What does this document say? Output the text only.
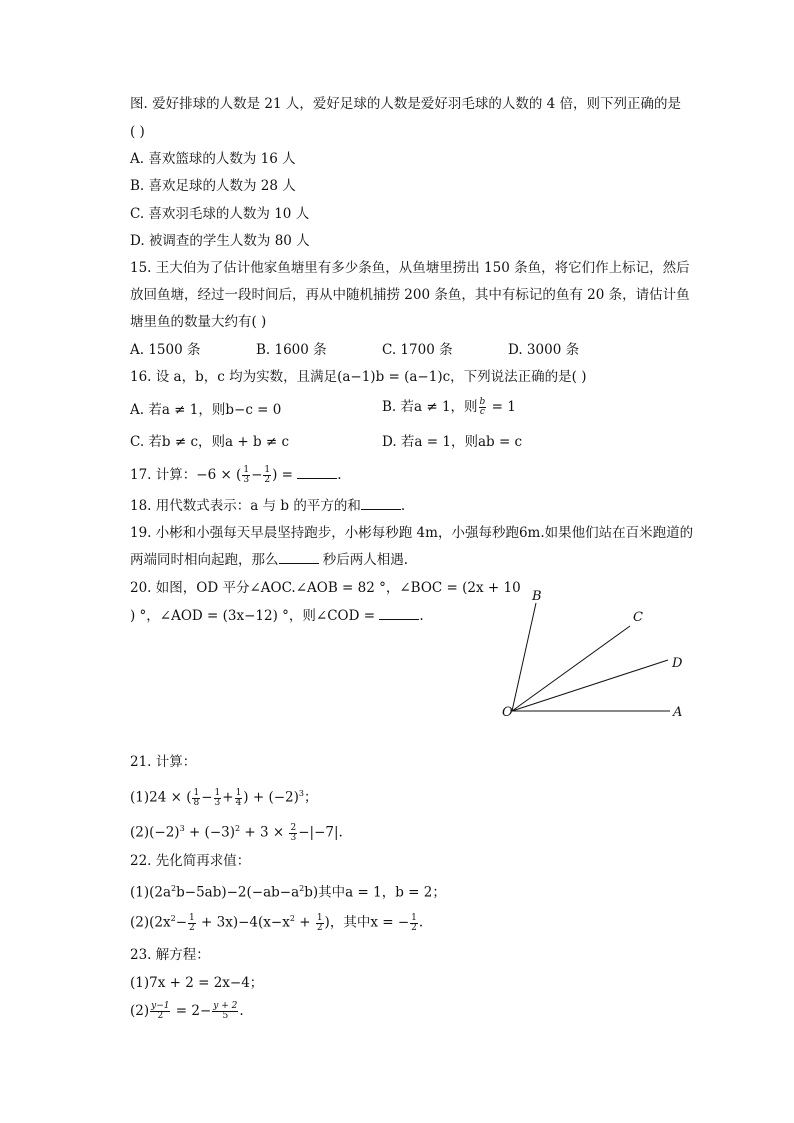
图. 爱好排球的人数是 21 人，爱好足球的人数是爱好羽毛球的人数的 4 倍，则下列正确的是
( )
A. 喜欢篮球的人数为 16 人
B. 喜欢足球的人数为 28 人
C. 喜欢羽毛球的人数为 10 人
D. 被调查的学生人数为 80 人
15. 王大伯为了估计他家鱼塘里有多少条鱼，从鱼塘里捞出 150 条鱼，将它们作上标记，然后
放回鱼塘，经过一段时间后，再从中随机捕捞 200 条鱼，其中有标记的鱼有 20 条，请估计鱼
塘里鱼的数量大约有( )
A. 1500 条	B. 1600 条	C. 1700 条	D. 3000 条
16. 设 a，b，c 均为实数，且满足(a−1)b = (a−1)c，下列说法正确的是( )
A. 若a ≠ 1，则b−c = 0	B. 若a ≠ 1，则 $\frac{b}{c} = 1$
C. 若b ≠ c，则a + b ≠ c	D. 若a = 1，则ab = c
17. 计算：−6 × ( $\frac{1}{3} - \frac{1}{2}$ ) =	.
18. 用代数式表示：a 与 b 的平方的和	.
19. 小彬和小强每天早晨坚持跑步，小彬每秒跑 4m，小强每秒跑6m.如果他们站在百米跑道的
两端同时相向起跑，那么	秒后两人相遇.
20. 如图，OD 平分∠AOC.∠AOB = 82 °，∠BOC = (2x + 10
) °，∠AOD = (3x−12) °，则∠COD =	.
B
C
D
O	A
21. 计算：
(1)24 × ( $\frac{1}{8} - \frac{1}{3} + \frac{1}{4}$ ) + $(-2)^3$；
$(2)(-2)^3 + (-3)^2 + 3 \times \frac{2}{3} -|-7|$.
22. 先化简再求值：
$(1)(2a^2b-5ab)-2(-ab-a^2b)$其中a = 1，b = 2；
$(2)(2x^2- \frac{1}{2} + 3x)-4(x-x^2 + \frac{1}{2}$ )，其中x = − $\frac{1}{2}$ .
23. 解方程：
(1)7x + 2 = 2x−4；
$(2) \frac{y-1}{2} = 2- \frac{y + 2}{5}$ .
